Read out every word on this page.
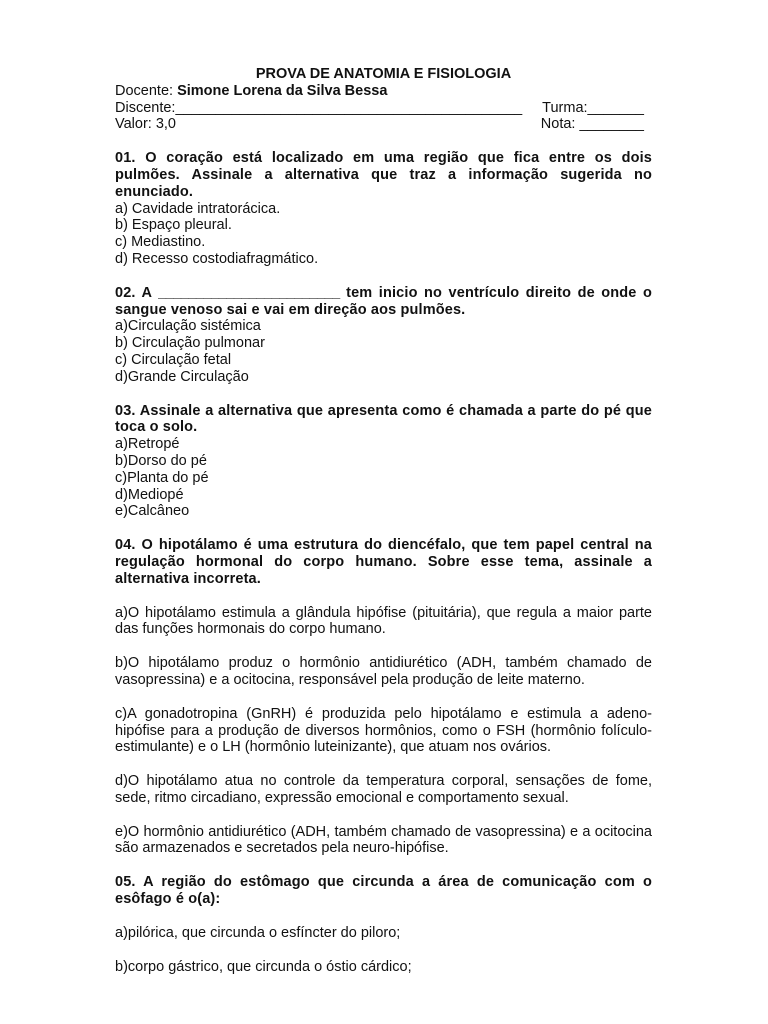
PROVA DE ANATOMIA E FISIOLOGIA
Docente: Simone Lorena da Silva Bessa
Discente:___________________________________________ Turma:_______
Valor: 3,0	Nota: ________
01. O coração está localizado em uma região que fica entre os dois pulmões. Assinale a alternativa que traz a informação sugerida no enunciado.
a) Cavidade intratorácica.
b) Espaço pleural.
c) Mediastino.
d) Recesso costodiafragmático.
02. A ________________________ tem inicio no ventrículo direito de onde o sangue venoso sai e vai em direção aos pulmões.
a)Circulação sistémica
b) Circulação pulmonar
c) Circulação fetal
d)Grande Circulação
03. Assinale a alternativa que apresenta como é chamada a parte do pé que toca o solo.
a)Retropé
b)Dorso do pé
c)Planta do pé
d)Mediopé
e)Calcâneo
04. O hipotálamo é uma estrutura do diencéfalo, que tem papel central na regulação hormonal do corpo humano. Sobre esse tema, assinale a alternativa incorreta.
a)O hipotálamo estimula a glândula hipófise (pituitária), que regula a maior parte das funções hormonais do corpo humano.
b)O hipotálamo produz o hormônio antidiurético (ADH, também chamado de vasopressina) e a ocitocina, responsável pela produção de leite materno.
c)A gonadotropina (GnRH) é produzida pelo hipotálamo e estimula a adeno-hipófise para a produção de diversos hormônios, como o FSH (hormônio folículo-estimulante) e o LH (hormônio luteinizante), que atuam nos ovários.
d)O hipotálamo atua no controle da temperatura corporal, sensações de fome, sede, ritmo circadiano, expressão emocional e comportamento sexual.
e)O hormônio antidiurético (ADH, também chamado de vasopressina) e a ocitocina são armazenados e secretados pela neuro-hipófise.
05. A região do estômago que circunda a área de comunicação com o esôfago é o(a):
a)pilórica, que circunda o esfíncter do piloro;
b)corpo gástrico, que circunda o óstio cárdico;
